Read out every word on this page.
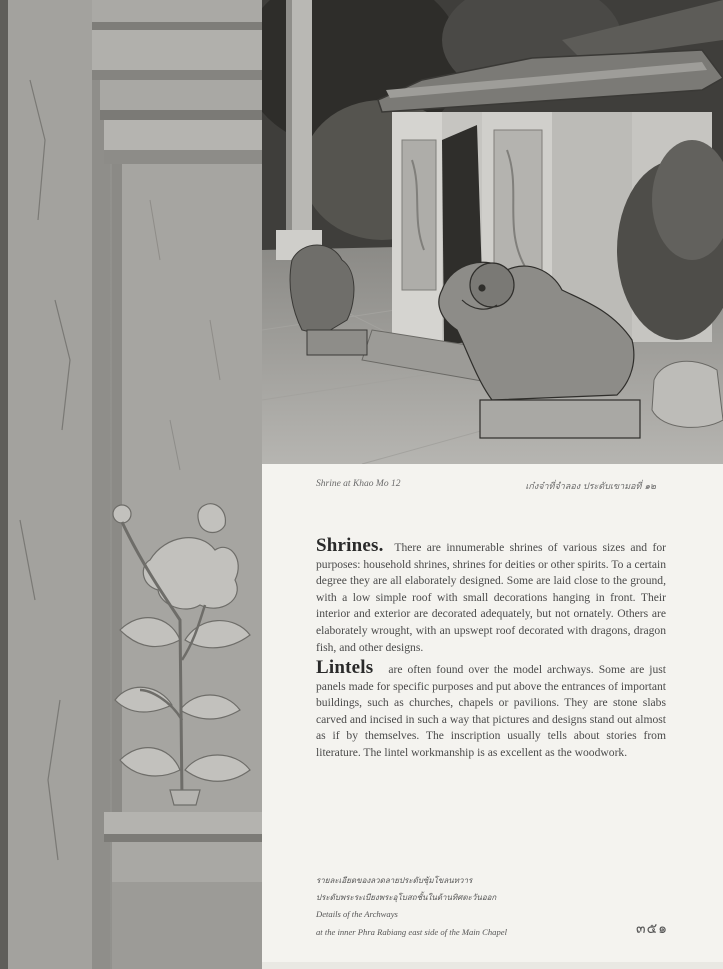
Shrine at Khao Mo 12	เก๋งจ๋าที่จำลอง ประดับเขามอที่ ๑๒
Shrines. There are innumerable shrines of various sizes and for purposes: household shrines, shrines for deities or other spirits. To a certain degree they are all elaborately designed. Some are laid close to the ground, with a low simple roof with small decorations hanging in front. Their interior and exterior are decorated adequately, but not ornately. Others are elaborately wrought, with an upswept roof decorated with dragons, dragon fish, and other designs.
Lintels are often found over the model archways. Some are just panels made for specific purposes and put above the entrances of important buildings, such as churches, chapels or pavilions. They are stone slabs carved and incised in such a way that pictures and designs stand out almost as if by themselves. The inscription usually tells about stories from literature. The lintel workmanship is as excellent as the woodwork.
รายละเอียดของลวดลายประดับซุ้มโขลนทวาร
ประดับพระระเบียงพระอุโบสถชั้นในด้านทิศตะวันออก
Details of the Archways
at the inner Phra Rabiang east side of the Main Chapel	๓๕๑
